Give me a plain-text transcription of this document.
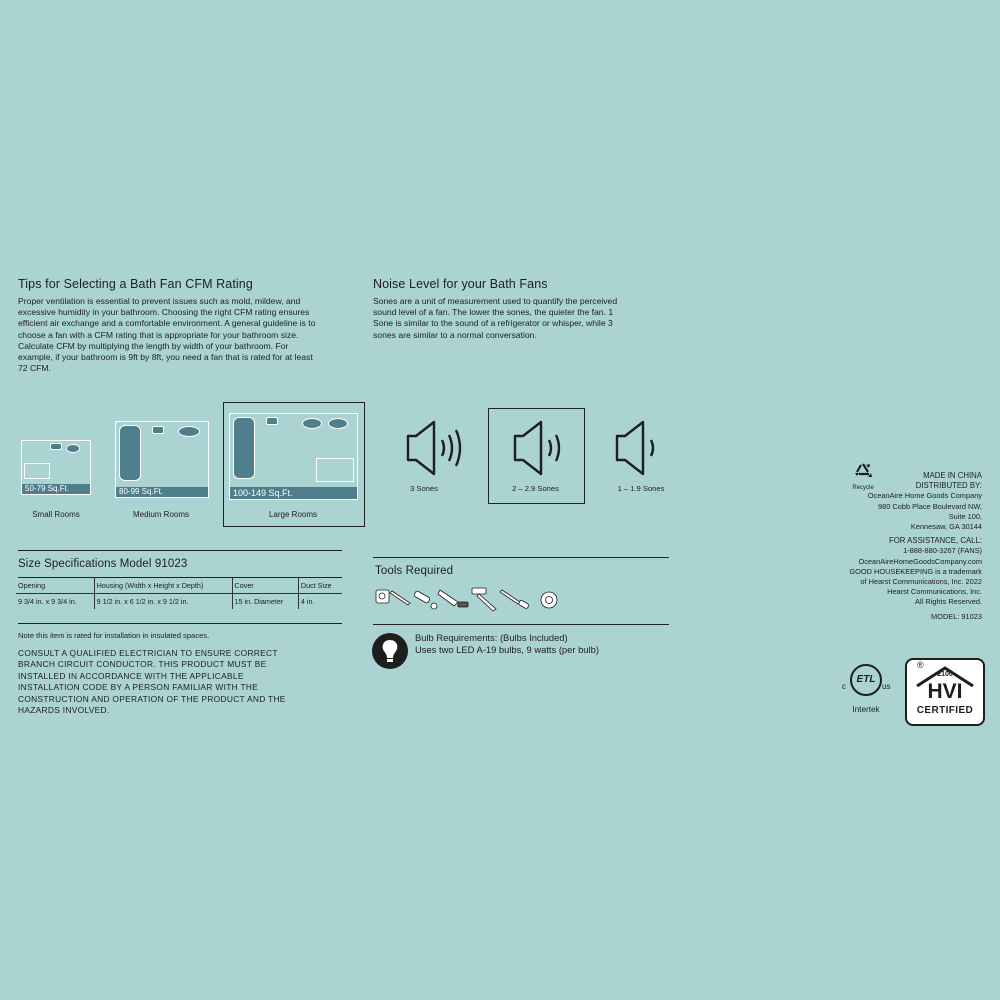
Tips for Selecting a Bath Fan CFM Rating
Proper ventilation is essential to prevent issues such as mold, mildew, and excessive humidity in your bathroom. Choosing the right CFM rating ensures efficient air exchange and a comfortable environment. A general guideline is to choose a fan with a CFM rating that is appropriate for your bathroom size. Calculate CFM by multiplying the length by width of your bathroom. For example, if your bathroom is 9ft by 8ft, you need a fan that is rated for at least 72 CFM.
50-79 Sq.Ft.
Small Rooms
80-99 Sq.Ft.
Medium Rooms
100-149 Sq.Ft.
Large Rooms
Noise Level for your Bath Fans
Sones are a unit of measurement used to quantify the perceived sound level of a fan. The lower the sones, the quieter the fan. 1 Sone is similar to the sound of a refrigerator or whisper, while 3 sones are similar to a normal conversation.
3 Sones	2 – 2.9 Sones	1 – 1.9 Sones
Size Specifications Model 91023
Opening	Housing (Width x Height x Depth)	Cover	Duct Size
9 3/4 in. x 9 3/4 in.	9 1/2 in. x 6 1/2 in. x 9 1/2 in.	15 in. Diameter	4 in.
Note this item is rated for installation in insulated spaces.
CONSULT A QUALIFIED ELECTRICIAN TO ENSURE CORRECT BRANCH CIRCUIT CONDUCTOR. THIS PRODUCT MUST BE INSTALLED IN ACCORDANCE WITH THE APPLICABLE INSTALLATION CODE BY A PERSON FAMILIAR WITH THE CONSTRUCTION AND OPERATION OF THE PRODUCT AND THE HAZARDS INVOLVED.
Tools Required
Bulb Requirements: (Bulbs Included)
Uses two LED A-19 bulbs, 9 watts (per bulb)
Recycle
MADE IN CHINA
DISTRIBUTED BY:
OceanAire Home Goods Company
980 Cobb Place Boulevard NW,
Suite 100,
Kennesaw, GA 30144
FOR ASSISTANCE, CALL:
1-888-880-3267 (FANS)
OceanAireHomeGoodsCompany.com
GOOD HOUSEKEEPING is a trademark
of Hearst Communications, Inc. 2022
Hearst Communications, Inc.
All Rights Reserved.
MODEL: 91023
c
ETL
us
Intertek
®
2100
HVI
CERTIFIED
